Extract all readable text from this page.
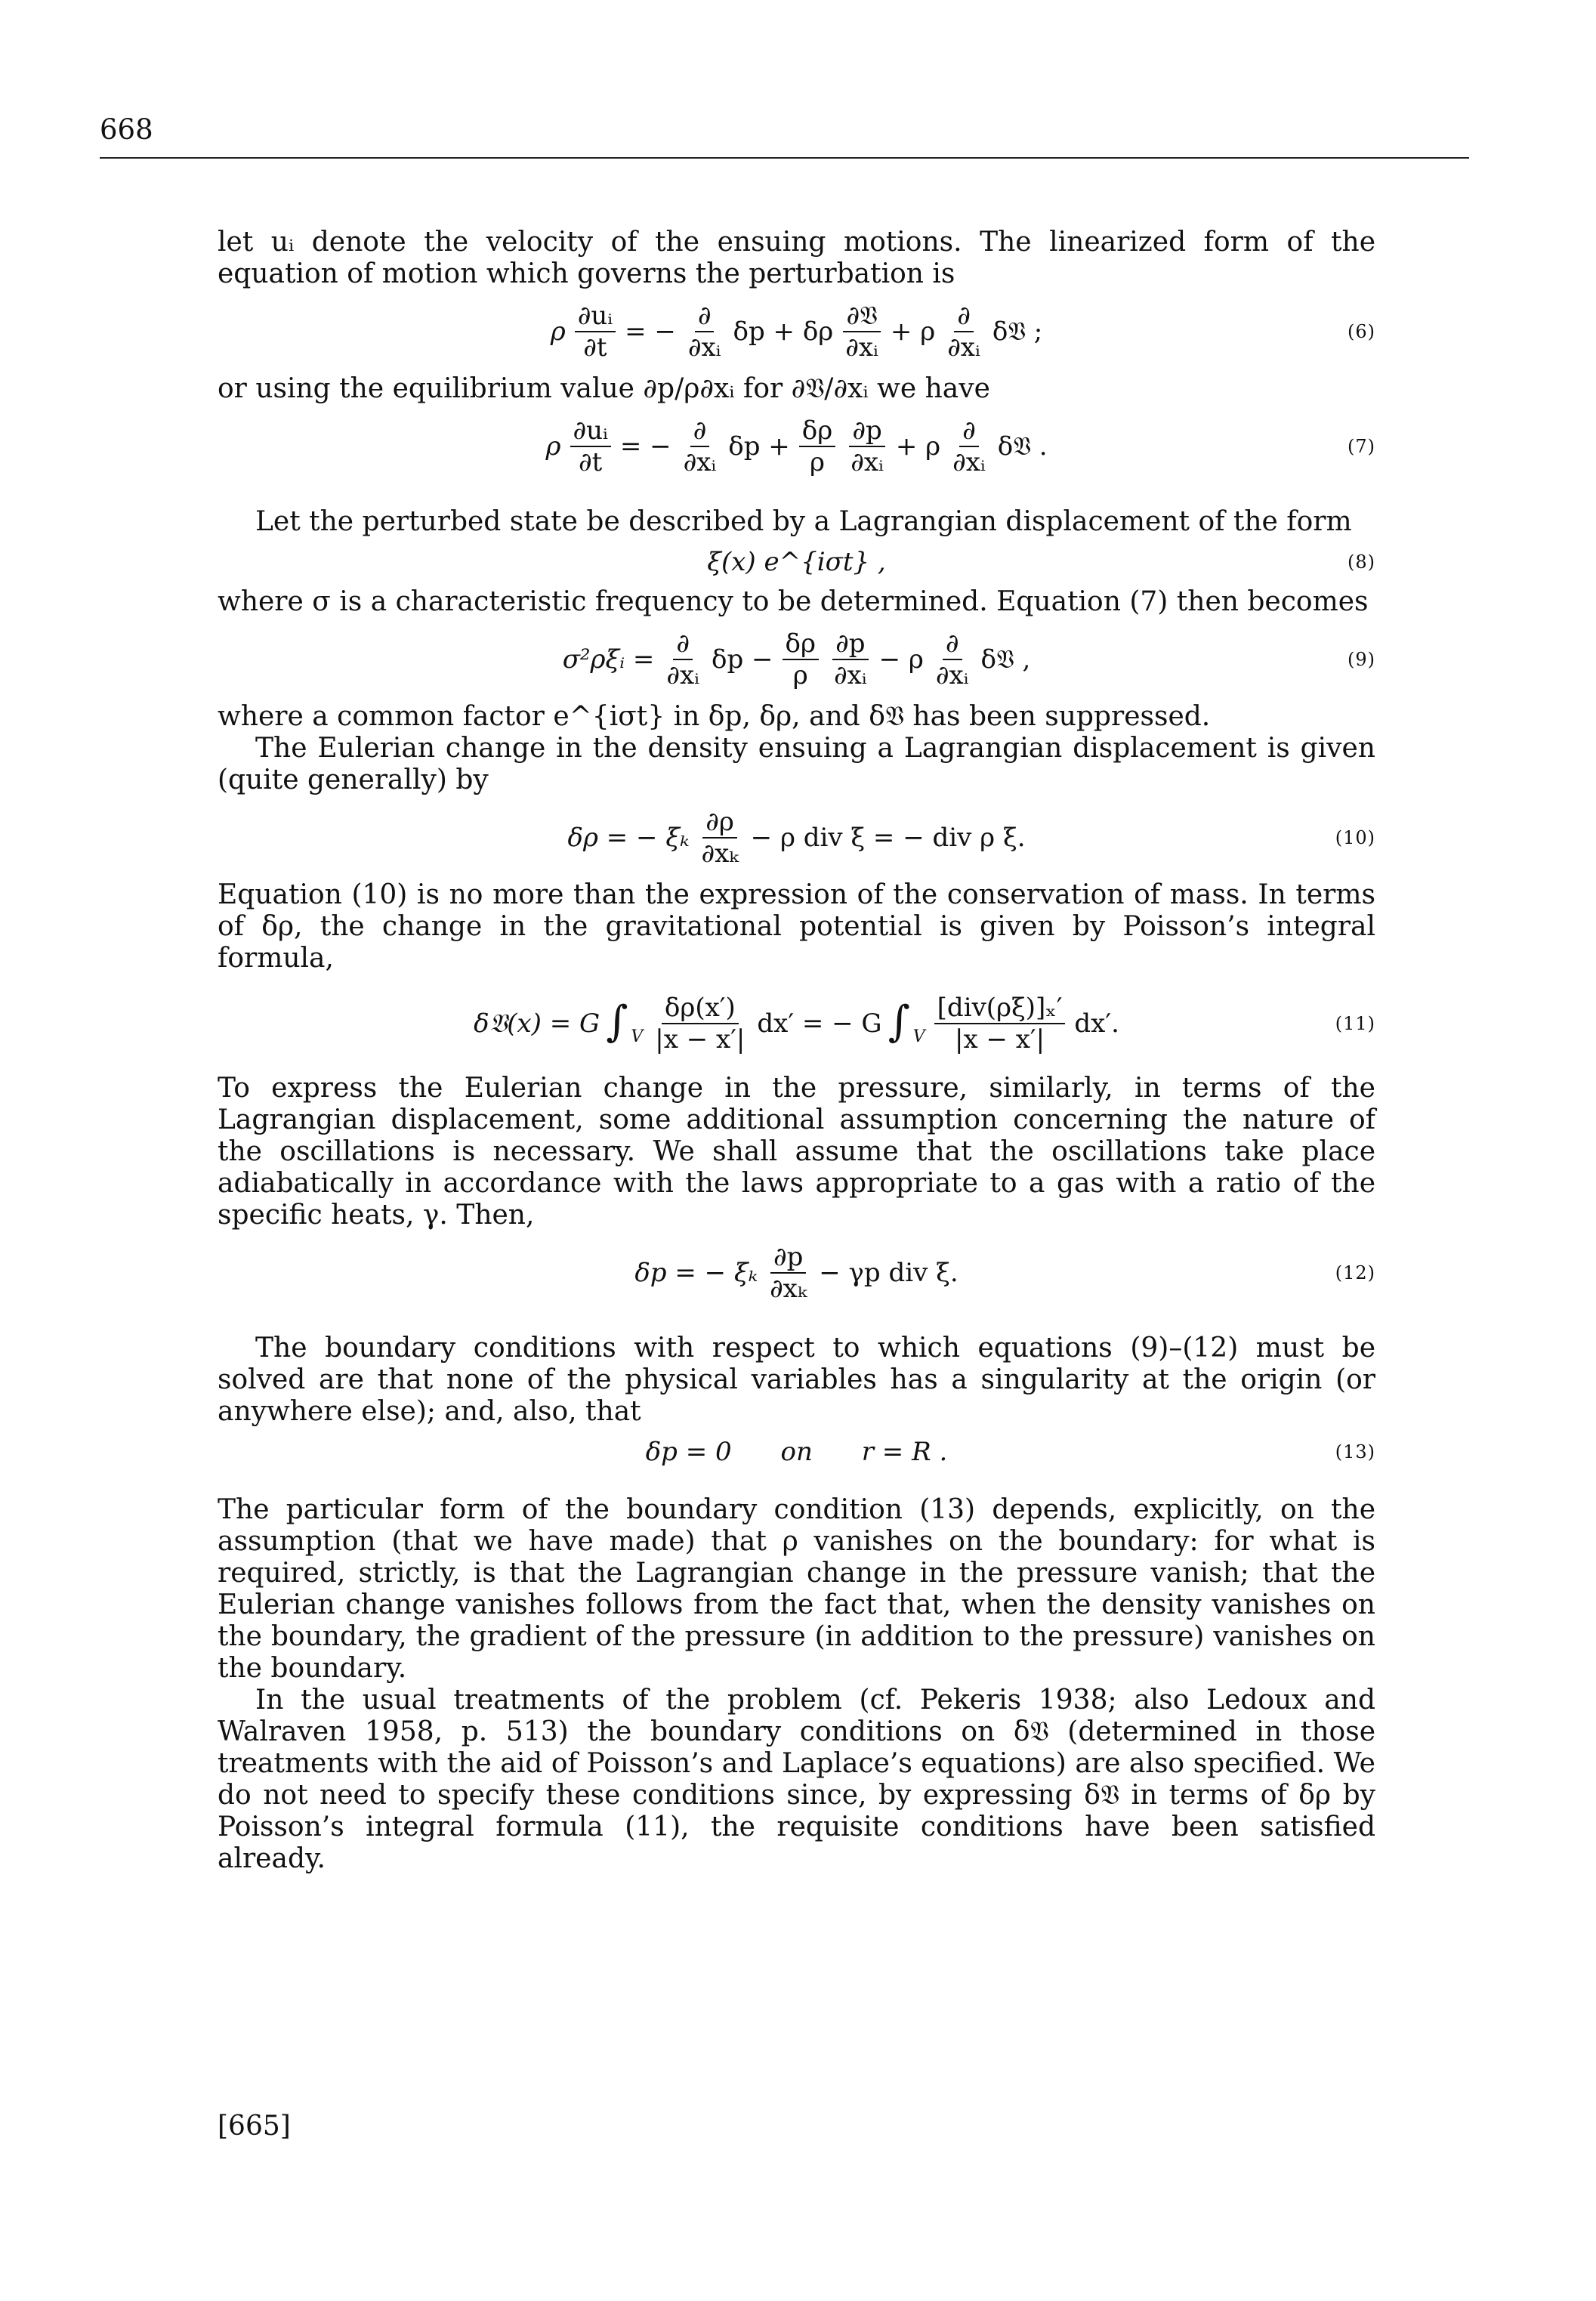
668

let uᵢ denote the velocity of the ensuing motions. The linearized form of the equation of motion which governs the perturbation is

ρ $\frac{\text{∂uᵢ}}{\partial t}$ = − $\frac{\partial}{\text{∂xᵢ}}$ δp + δρ $\frac{\text{∂𝔙}}{\text{∂xᵢ}} + \rho \frac{\partial}{\text{∂xᵢ}}$ δ𝔙 ;	(6)

or using the equilibrium value ∂p/ρ∂xᵢ for ∂𝔙/∂xᵢ we have

ρ $\frac{\text{∂uᵢ}}{\partial t}$ = − $\frac{\partial}{\text{∂xᵢ}}$ $\delta p + \frac{\delta\rho}{\rho} \frac{\partial p}{\text{∂xᵢ}} + \rho \frac{\partial}{\text{∂xᵢ}}$ δ𝔙 .	(7)

Let the perturbed state be described by a Lagrangian displacement of the form

ξ(x) e^{iσt} ,	(8)

where σ is a characteristic frequency to be determined. Equation (7) then becomes

σ²ρξᵢ = $\frac{\partial}{\text{∂xᵢ}}$ $\delta p - \frac{\delta\rho}{\rho} \frac{\partial p}{\text{∂xᵢ}} - \rho \frac{\partial}{\text{∂xᵢ}}$ δ𝔙 ,	(9)

where a common factor e^{iσt} in δp, δρ, and δ𝔙 has been suppressed.

The Eulerian change in the density ensuing a Lagrangian displacement is given (quite generally) by

δρ = − ξₖ $\frac{\partial\rho}{\text{∂xₖ}} - \rho$ div ξ = − div ρ ξ.	(10)

Equation (10) is no more than the expression of the conservation of mass. In terms of δρ, the change in the gravitational potential is given by Poisson’s integral formula,

δ𝔙(x) = G ∫ V $\frac{\delta\rho(x')}{|x - x'|} dx'$ = − G ∫ V $\frac{\text{[div(ρξ)]ₓ′}}{|x - x'|} dx'$.	(11)

To express the Eulerian change in the pressure, similarly, in terms of the Lagrangian displacement, some additional assumption concerning the nature of the oscillations is necessary. We shall assume that the oscillations take place adiabatically in accordance with the laws appropriate to a gas with a ratio of the specific heats, γ. Then,

δp = − ξₖ $\frac{\partial p}{\text{∂xₖ}} - \gamma p$ div ξ.	(12)

The boundary conditions with respect to which equations (9)–(12) must be solved are that none of the physical variables has a singularity at the origin (or anywhere else); and, also, that

δp = 0      on      r = R .	(13)

The particular form of the boundary condition (13) depends, explicitly, on the assumption (that we have made) that ρ vanishes on the boundary: for what is required, strictly, is that the Lagrangian change in the pressure vanish; that the Eulerian change vanishes follows from the fact that, when the density vanishes on the boundary, the gradient of the pressure (in addition to the pressure) vanishes on the boundary.

In the usual treatments of the problem (cf. Pekeris 1938; also Ledoux and Walraven 1958, p. 513) the boundary conditions on δ𝔙 (determined in those treatments with the aid of Poisson’s and Laplace’s equations) are also specified. We do not need to specify these conditions since, by expressing δ𝔙 in terms of δρ by Poisson’s integral formula (11), the requisite conditions have been satisfied already.

[665]
